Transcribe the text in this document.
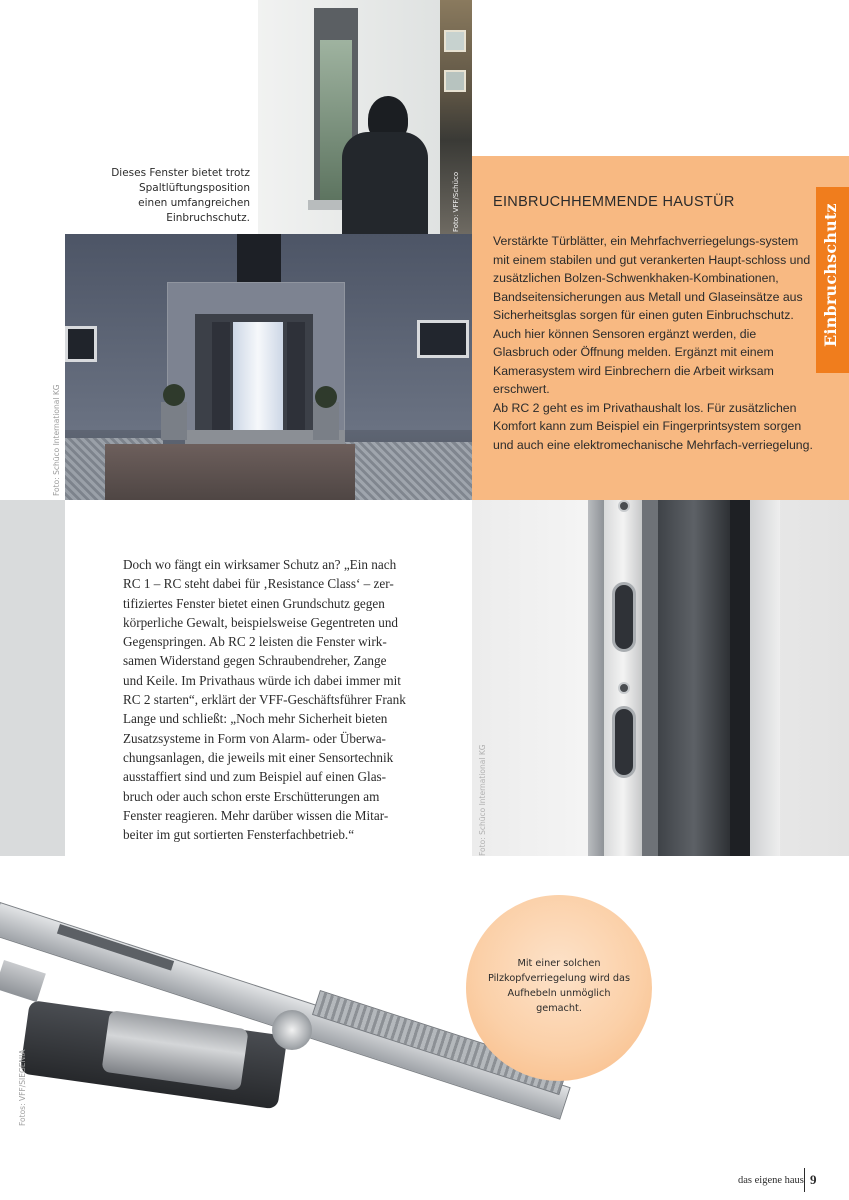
Foto: VFF/Schüco
Dieses Fenster bietet trotz Spaltlüftungsposition einen umfangreichen Einbruchschutz.
Foto: Schüco International KG
EINBRUCHHEMMENDE HAUSTÜR

Verstärkte Türblätter, ein Mehrfachverriegelungs-system mit einem stabilen und gut verankerten Haupt-schloss und zusätzlichen Bolzen-Schwenkhaken-Kombinationen, Bandseitensicherungen aus Metall und Glaseinsätze aus Sicherheitsglas sorgen für einen guten Einbruchschutz. Auch hier können Sensoren ergänzt werden, die Glasbruch oder Öffnung melden. Ergänzt mit einem Kamerasystem wird Einbrechern die Arbeit wirksam erschwert.

Ab RC 2 geht es im Privathaushalt los. Für zusätzlichen Komfort kann zum Beispiel ein Fingerprintsystem sorgen und auch eine elektromechanische Mehrfach-verriegelung.

Einbruchschutz
Doch wo fängt ein wirksamer Schutz an? „Ein nach RC 1 – RC steht dabei für ‚Resistance Class‘ – zer-tifiziertes Fenster bietet einen Grundschutz gegen körperliche Gewalt, beispielsweise Gegentreten und Gegenspringen. Ab RC 2 leisten die Fenster wirk-samen Widerstand gegen Schraubendreher, Zange und Keile. Im Privathaus würde ich dabei immer mit RC 2 starten“, erklärt der VFF-Geschäftsführer Frank Lange und schließt: „Noch mehr Sicherheit bieten Zusatzsysteme in Form von Alarm- oder Überwa-chungsanlagen, die jeweils mit einer Sensortechnik ausstaffiert sind und zum Beispiel auf einen Glas-bruch oder auch schon erste Erschütterungen am Fenster reagieren. Mehr darüber wissen die Mitar-beiter im gut sortierten Fensterfachbetrieb.“	Foto: Schüco International KG
Fotos: VFF/SIEGENIA
Mit einer solchen Pilzkopfverriegelung wird das Aufhebeln unmöglich gemacht.
das eigene haus 9
